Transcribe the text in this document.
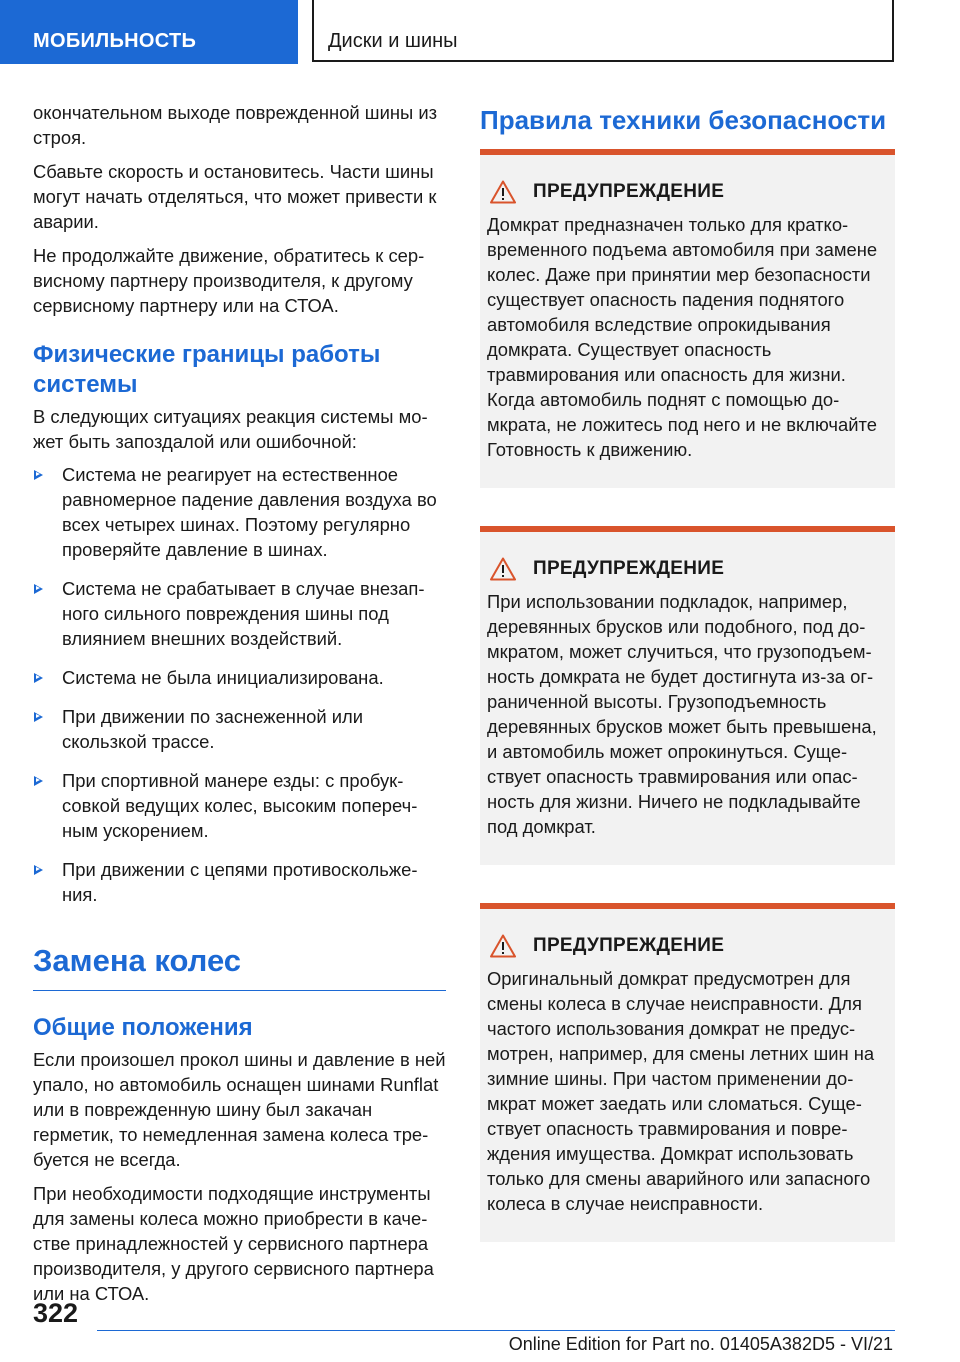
МОБИЛЬНОСТЬ	Диски и шины

окончательном выходе поврежденной шины из строя.

Сбавьте скорость и остановитесь. Части шины могут начать отделяться, что может привести к аварии.

Не продолжайте движение, обратитесь к сервисному партнеру производителя, к другому сервисному партнеру или на СТОА.

Физические границы работы системы

В следующих ситуациях реакция системы может быть запоздалой или ошибочной:

Система не реагирует на естественное равномерное падение давления воздуха во всех четырех шинах. Поэтому регулярно проверяйте давление в шинах.
Система не срабатывает в случае внезапного сильного повреждения шины под влиянием внешних воздействий.
Система не была инициализирована.
При движении по заснеженной или скользкой трассе.
При спортивной манере езды: с пробуксовкой ведущих колес, высоким поперечным ускорением.
При движении с цепями противоскольжения.
Замена колес
Общие положения

Если произошел прокол шины и давление в ней упало, но автомобиль оснащен шинами Runflat или в поврежденную шину был закачан герметик, то немедленная замена колеса требуется не всегда.

При необходимости подходящие инструменты для замены колеса можно приобрести в качестве принадлежностей у сервисного партнера производителя, у другого сервисного партнера или на СТОА.

Правила техники безопасности
ПРЕДУПРЕЖДЕНИЕ

Домкрат предназначен только для кратковременного подъема автомобиля при замене колес. Даже при принятии мер безопасности существует опасность падения поднятого автомобиля вследствие опрокидывания домкрата. Существует опасность травмирования или опасность для жизни. Когда автомобиль поднят с помощью домкрата, не ложитесь под него и не включайте Готовность к движению.

ПРЕДУПРЕЖДЕНИЕ

При использовании подкладок, например, деревянных брусков или подобного, под домкратом, может случиться, что грузоподъемность домкрата не будет достигнута из-за ограниченной высоты. Грузоподъемность деревянных брусков может быть превышена, и автомобиль может опрокинуться. Существует опасность травмирования или опасность для жизни. Ничего не подкладывайте под домкрат.

ПРЕДУПРЕЖДЕНИЕ

Оригинальный домкрат предусмотрен для смены колеса в случае неисправности. Для частого использования домкрат не предусмотрен, например, для смены летних шин на зимние шины. При частом применении домкрат может заедать или сломаться. Существует опасность травмирования и повреждения имущества. Домкрат использовать только для смены аварийного или запасного колеса в случае неисправности.

322
Online Edition for Part no. 01405A382D5 - VI/21
